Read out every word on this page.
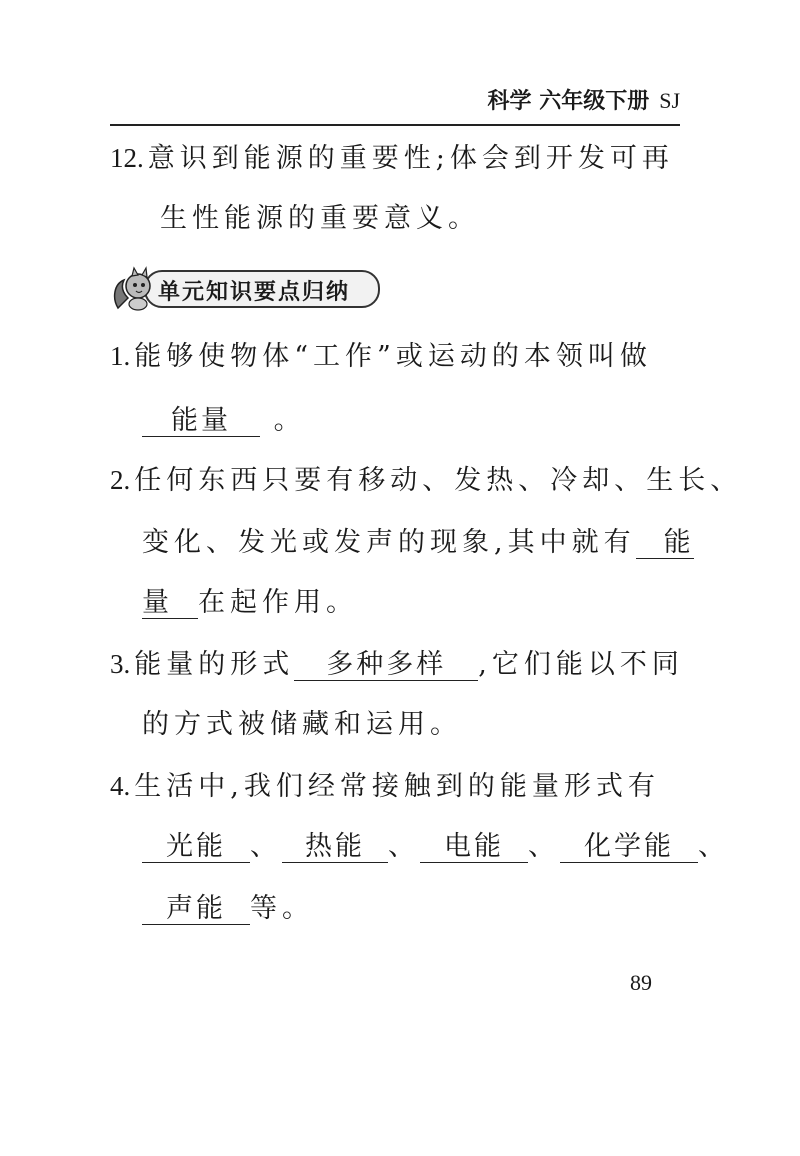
科学 六年级下册 SJ
12. 意识到能源的重要性;体会到开发可再
生性能源的重要意义。
单元知识要点归纳
1. 能够使物体“工作”或运动的本领叫做
能量 。
2. 任何东西只要有移动、发热、冷却、生长、
变化、发光或发声的现象,其中就有 能
量 在起作用。
3. 能量的形式 多种多样 ,它们能以不同
的方式被储藏和运用。
4. 生活中,我们经常接触到的能量形式有
光能 、 热能 、 电能 、 化学能 、
声能 等。
89
